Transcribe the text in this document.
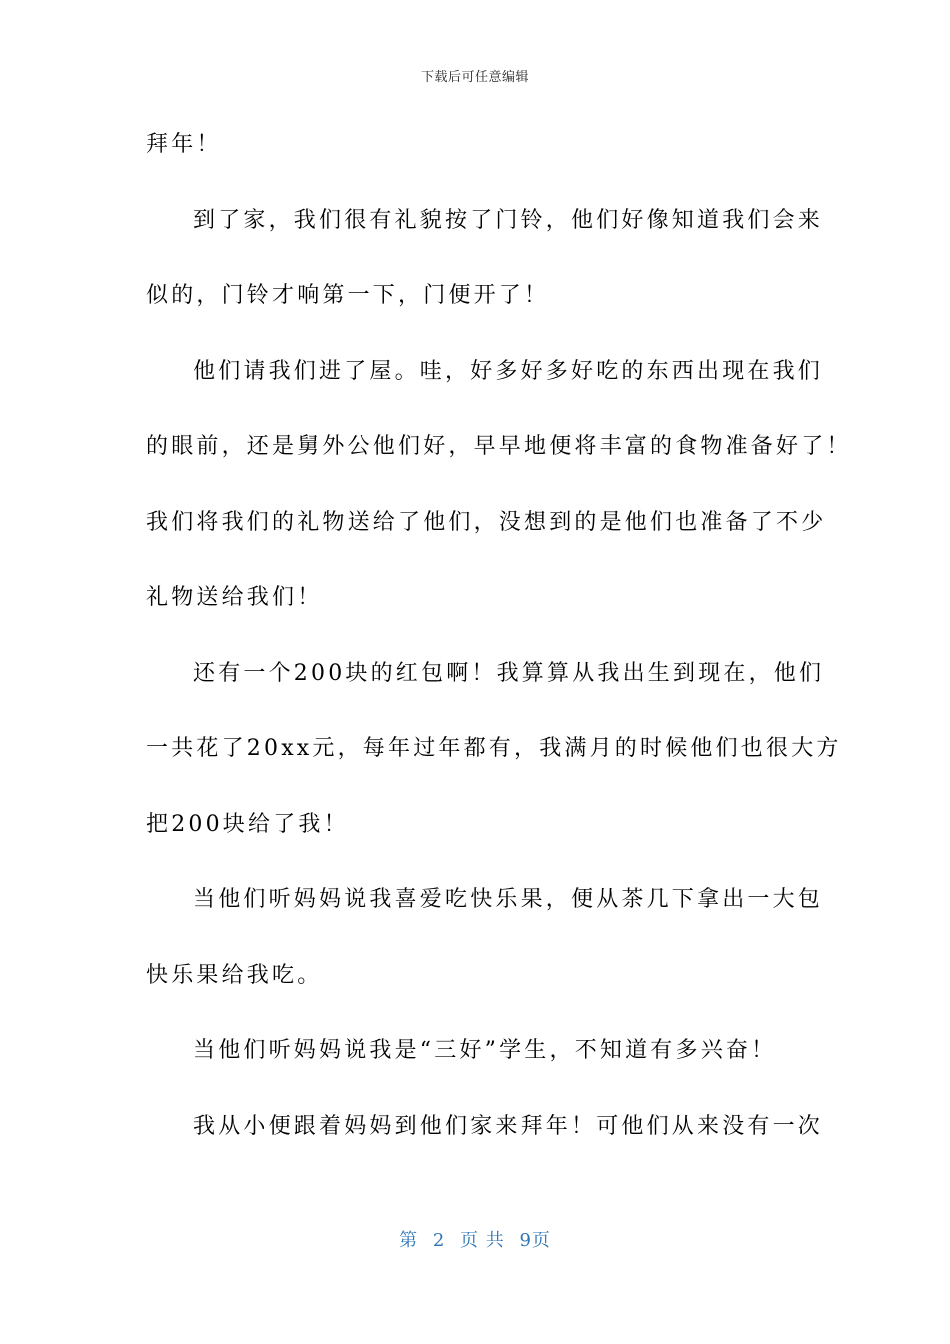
下载后可任意编辑
拜年！
到了家，我们很有礼貌按了门铃，他们好像知道我们会来
似的，门铃才响第一下，门便开了！
他们请我们进了屋。哇，好多好多好吃的东西出现在我们
的眼前，还是舅外公他们好，早早地便将丰富的食物准备好了！
我们将我们的礼物送给了他们，没想到的是他们也准备了不少
礼物送给我们！
还有一个200块的红包啊！我算算从我出生到现在，他们
一共花了20xx元，每年过年都有，我满月的时候他们也很大方
把200块给了我！
当他们听妈妈说我喜爱吃快乐果，便从茶几下拿出一大包
快乐果给我吃。
当他们听妈妈说我是“三好”学生，不知道有多兴奋！
我从小便跟着妈妈到他们家来拜年！可他们从来没有一次
第 2 页 共 9页
